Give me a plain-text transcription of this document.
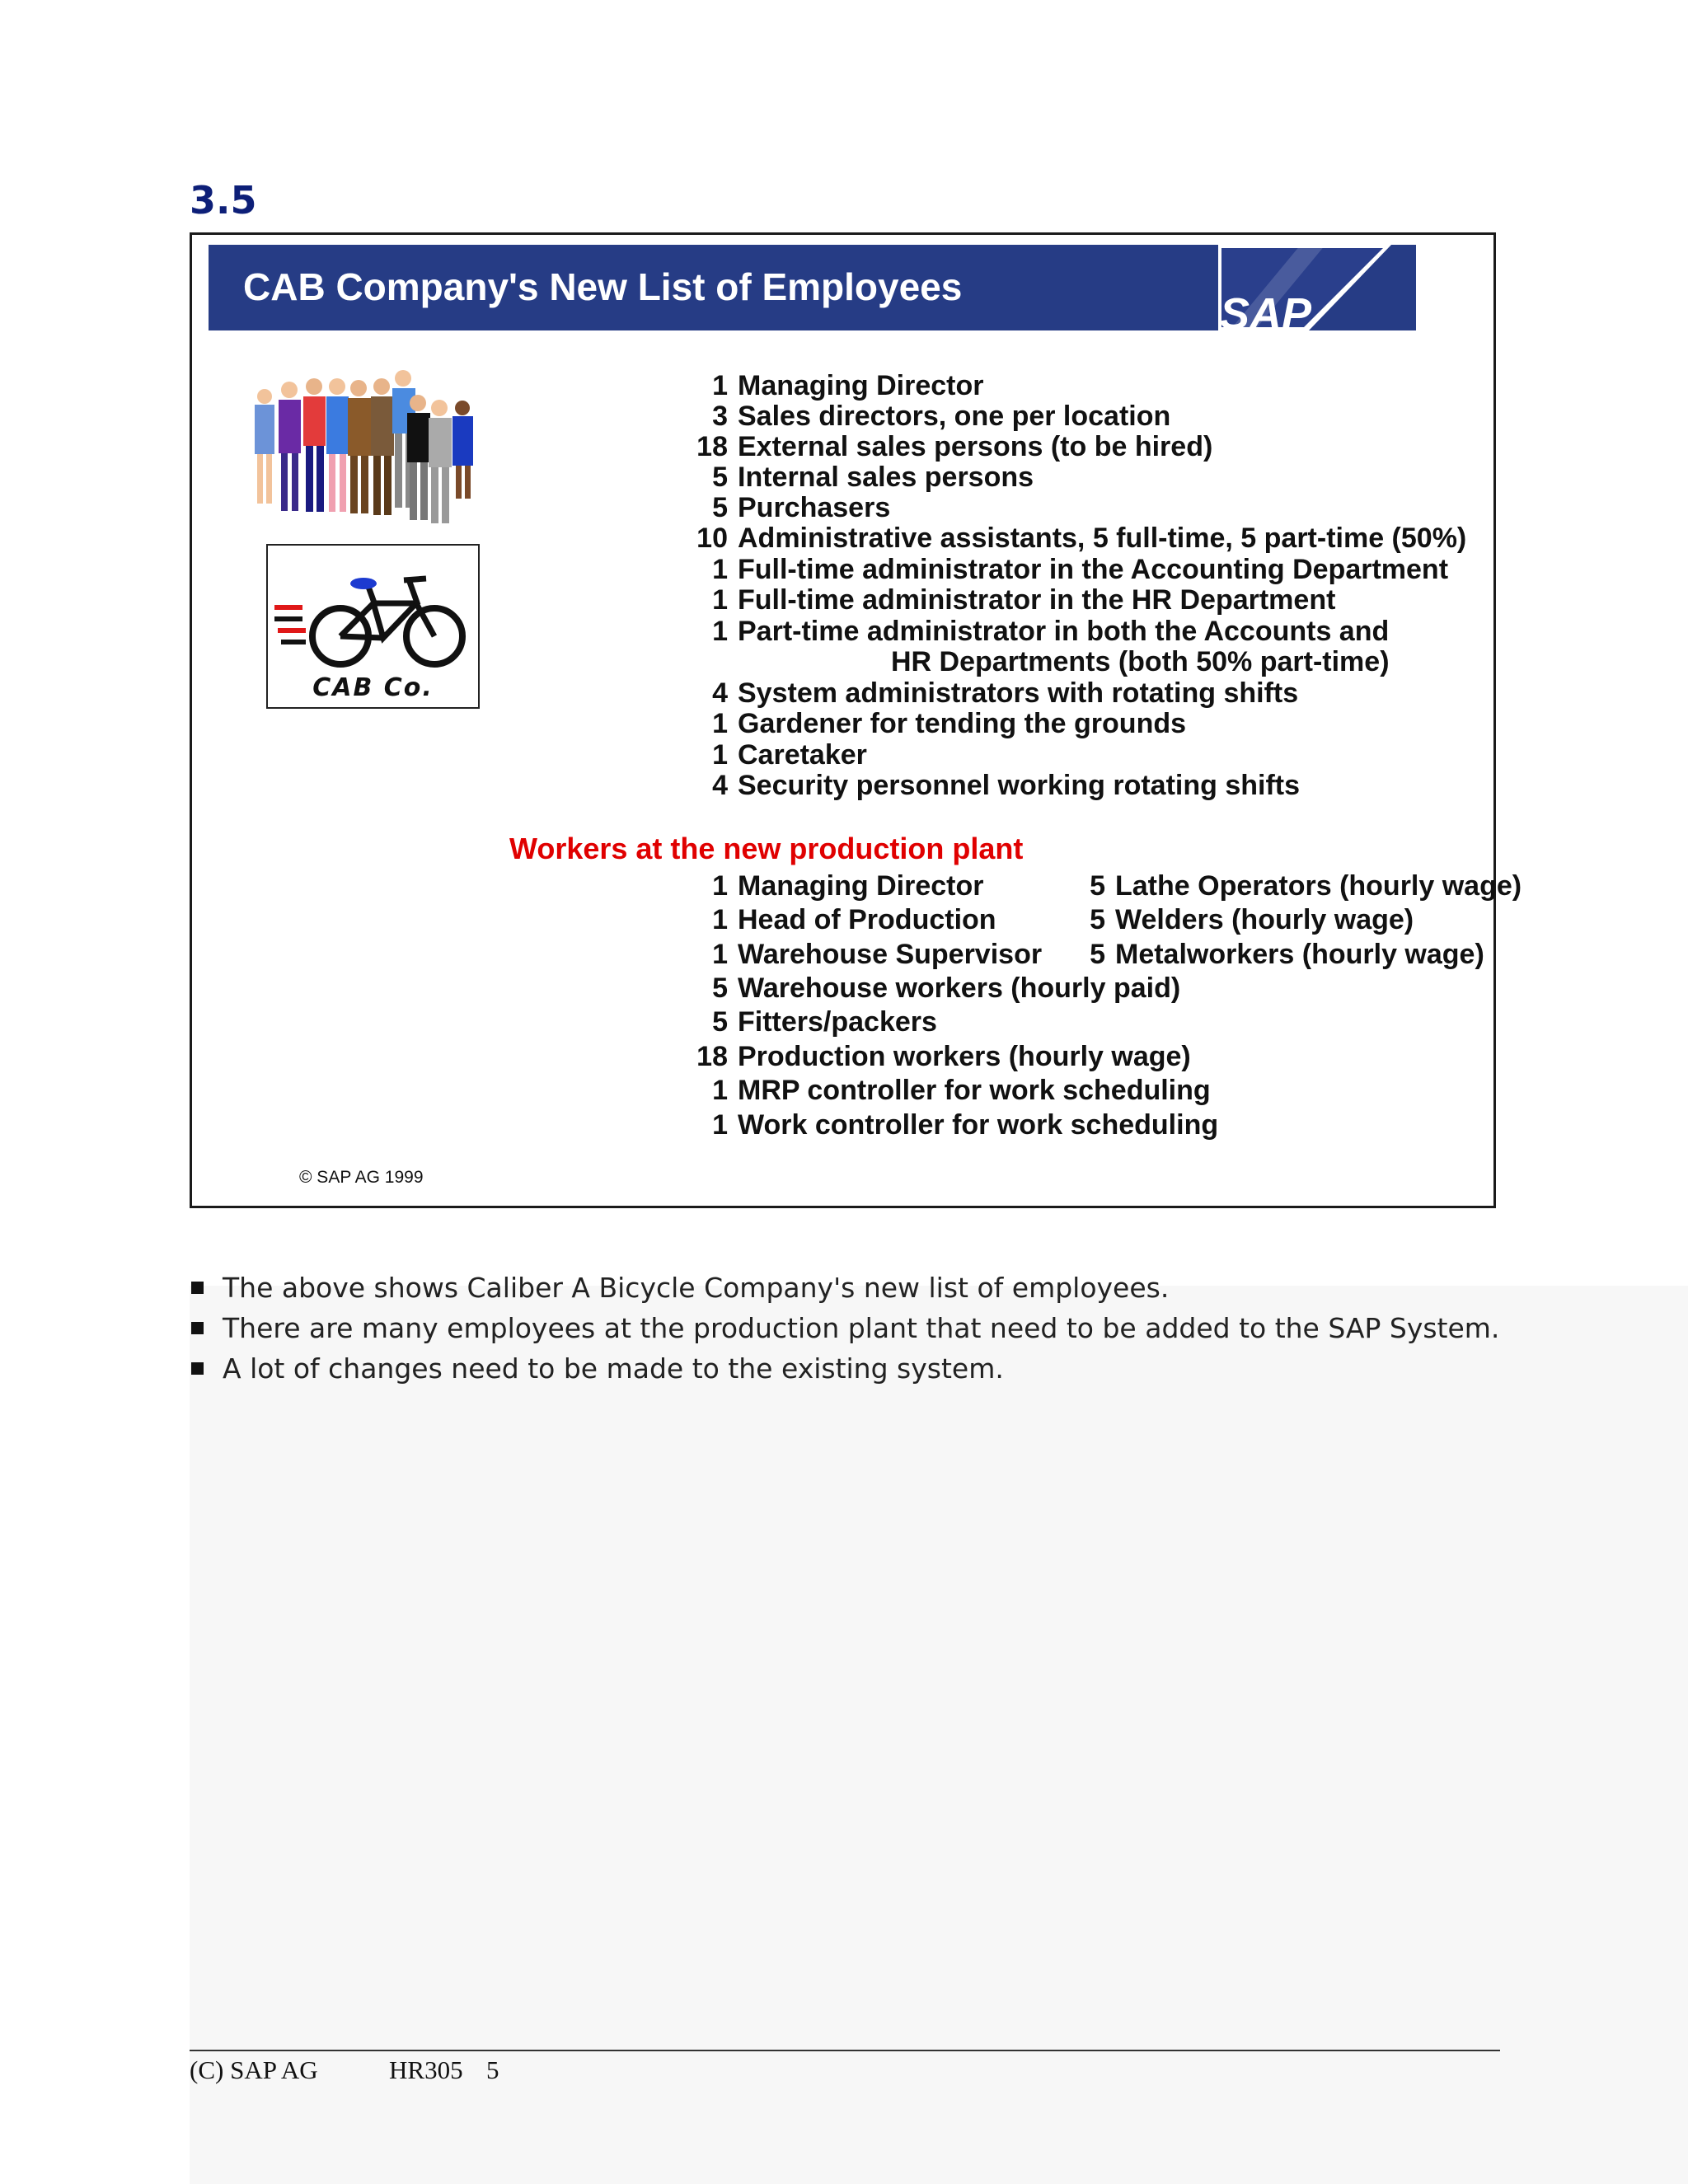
3.5
CAB Company's New List of Employees
SAP
CAB Co.
1 Managing Director
3 Sales directors, one per location
18 External sales persons (to be hired)
5 Internal sales persons
5 Purchasers
10 Administrative assistants, 5 full-time, 5 part-time (50%)
1 Full-time administrator in the Accounting Department
1 Full-time administrator in the HR Department
1 Part-time administrator in both the Accounts and
HR Departments (both 50% part-time)
4 System administrators with rotating shifts
1 Gardener for tending the grounds
1 Caretaker
4 Security personnel working rotating shifts
Workers at the new production plant
1 Managing Director
1 Head of Production
1 Warehouse Supervisor
5 Warehouse workers (hourly paid)
5 Fitters/packers
18 Production workers (hourly wage)
1 MRP controller for work scheduling
1 Work controller for work scheduling
5 Lathe Operators (hourly wage)
5 Welders (hourly wage)
5 Metalworkers (hourly wage)
© SAP AG 1999
The above shows Caliber A Bicycle Company's new list of employees.
There are many employees at the production plant that need to be added to the SAP System.
A lot of changes need to be made to the existing system.
(C) SAP AG	HR305 5
